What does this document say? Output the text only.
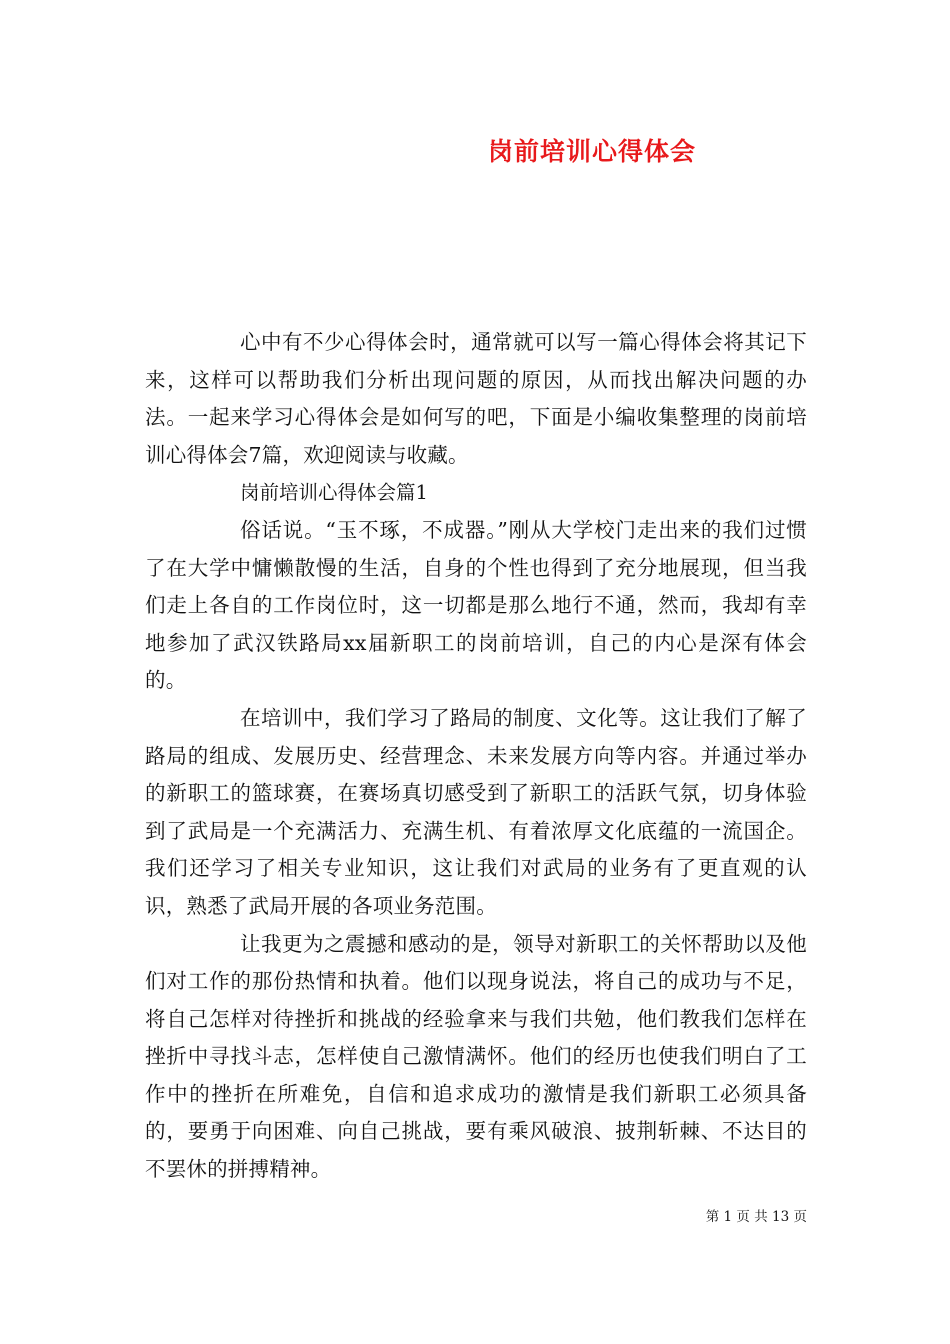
岗前培训心得体会

心中有不少心得体会时，通常就可以写一篇心得体会将其记下来，这样可以帮助我们分析出现问题的原因，从而找出解决问题的办法。一起来学习心得体会是如何写的吧，下面是小编收集整理的岗前培训心得体会7篇，欢迎阅读与收藏。

岗前培训心得体会篇1

俗话说。“玉不琢，不成器。”刚从大学校门走出来的我们过惯了在大学中慵懒散慢的生活，自身的个性也得到了充分地展现，但当我们走上各自的工作岗位时，这一切都是那么地行不通，然而，我却有幸地参加了武汉铁路局xx届新职工的岗前培训，自己的内心是深有体会的。

在培训中，我们学习了路局的制度、文化等。这让我们了解了路局的组成、发展历史、经营理念、未来发展方向等内容。并通过举办的新职工的篮球赛，在赛场真切感受到了新职工的活跃气氛，切身体验到了武局是一个充满活力、充满生机、有着浓厚文化底蕴的一流国企。我们还学习了相关专业知识，这让我们对武局的业务有了更直观的认识，熟悉了武局开展的各项业务范围。

让我更为之震撼和感动的是，领导对新职工的关怀帮助以及他们对工作的那份热情和执着。他们以现身说法，将自己的成功与不足，将自己怎样对待挫折和挑战的经验拿来与我们共勉，他们教我们怎样在挫折中寻找斗志，怎样使自己激情满怀。他们的经历也使我们明白了工作中的挫折在所难免，自信和追求成功的激情是我们新职工必须具备的，要勇于向困难、向自己挑战，要有乘风破浪、披荆斩棘、不达目的不罢休的拼搏精神。

第 1 页 共 13 页
